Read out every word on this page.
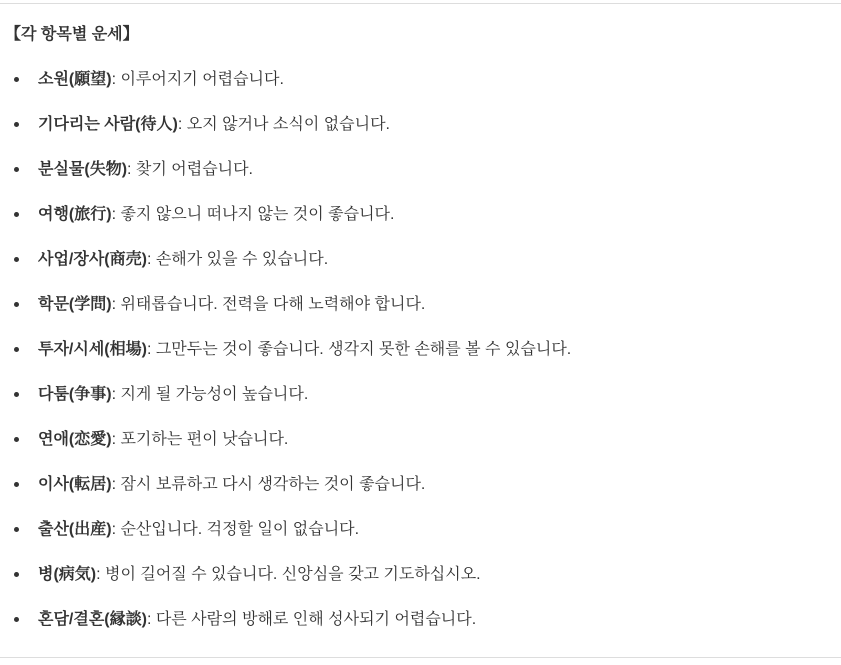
【각 항목별 운세】
소원(願望): 이루어지기 어렵습니다.
기다리는 사람(待人): 오지 않거나 소식이 없습니다.
분실물(失物): 찾기 어렵습니다.
여행(旅行): 좋지 않으니 떠나지 않는 것이 좋습니다.
사업/장사(商売): 손해가 있을 수 있습니다.
학문(学問): 위태롭습니다. 전력을 다해 노력해야 합니다.
투자/시세(相場): 그만두는 것이 좋습니다. 생각지 못한 손해를 볼 수 있습니다.
다툼(争事): 지게 될 가능성이 높습니다.
연애(恋愛): 포기하는 편이 낫습니다.
이사(転居): 잠시 보류하고 다시 생각하는 것이 좋습니다.
출산(出産): 순산입니다. 걱정할 일이 없습니다.
병(病気): 병이 길어질 수 있습니다. 신앙심을 갖고 기도하십시오.
혼담/결혼(縁談): 다른 사람의 방해로 인해 성사되기 어렵습니다.
